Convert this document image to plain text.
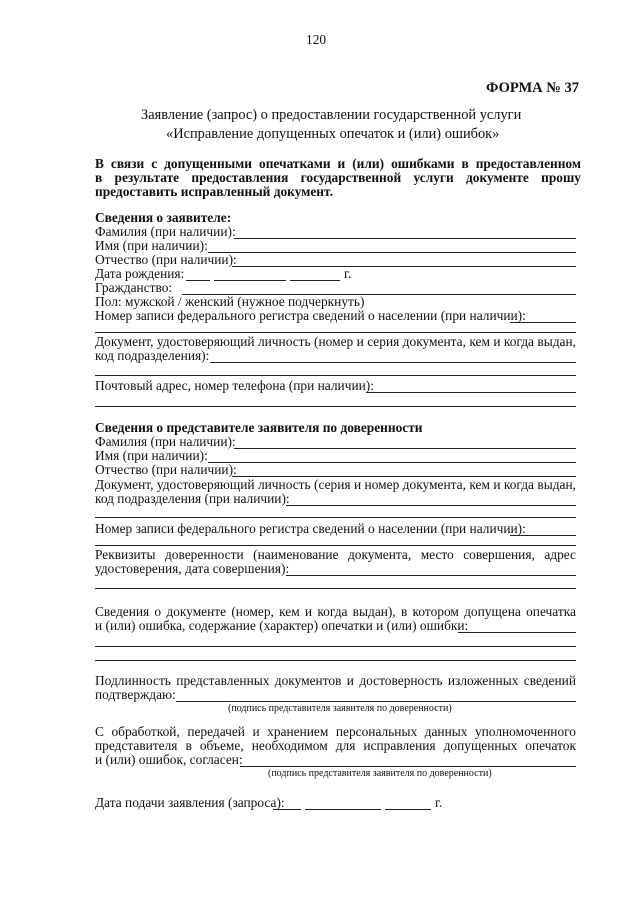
120
ФОРМА № 37
Заявление (запрос) о предоставлении государственной услуги
«Исправление допущенных опечаток и (или) ошибок»
В связи с допущенными опечатками и (или) ошибками в предоставленном
в результате предоставления государственной услуги документе прошу
предоставить исправленный документ.
Сведения о заявителе:
Фамилия (при наличии):
Имя (при наличии):
Отчество (при наличии):
Дата рождения:	г.
Гражданство:
Пол: мужской / женский (нужное подчеркнуть)
Номер записи федерального регистра сведений о населении (при наличии):
Документ, удостоверяющий личность (номер и серия документа, кем и когда выдан,
код подразделения):
Почтовый адрес, номер телефона (при наличии):
Сведения о представителе заявителя по доверенности
Фамилия (при наличии):
Имя (при наличии):
Отчество (при наличии):
Документ, удостоверяющий личность (серия и номер документа, кем и когда выдан,
код подразделения (при наличии):
Номер записи федерального регистра сведений о населении (при наличии):
Реквизиты доверенности (наименование документа, место совершения, адрес
удостоверения, дата совершения):
Сведения о документе (номер, кем и когда выдан), в котором допущена опечатка
и (или) ошибка, содержание (характер) опечатки и (или) ошибки:
Подлинность представленных документов и достоверность изложенных сведений
подтверждаю:
(подпись представителя заявителя по доверенности)
С обработкой, передачей и хранением персональных данных уполномоченного
представителя в объеме, необходимом для исправления допущенных опечаток
и (или) ошибок, согласен:
(подпись представителя заявителя по доверенности)
Дата подачи заявления (запроса):	г.
